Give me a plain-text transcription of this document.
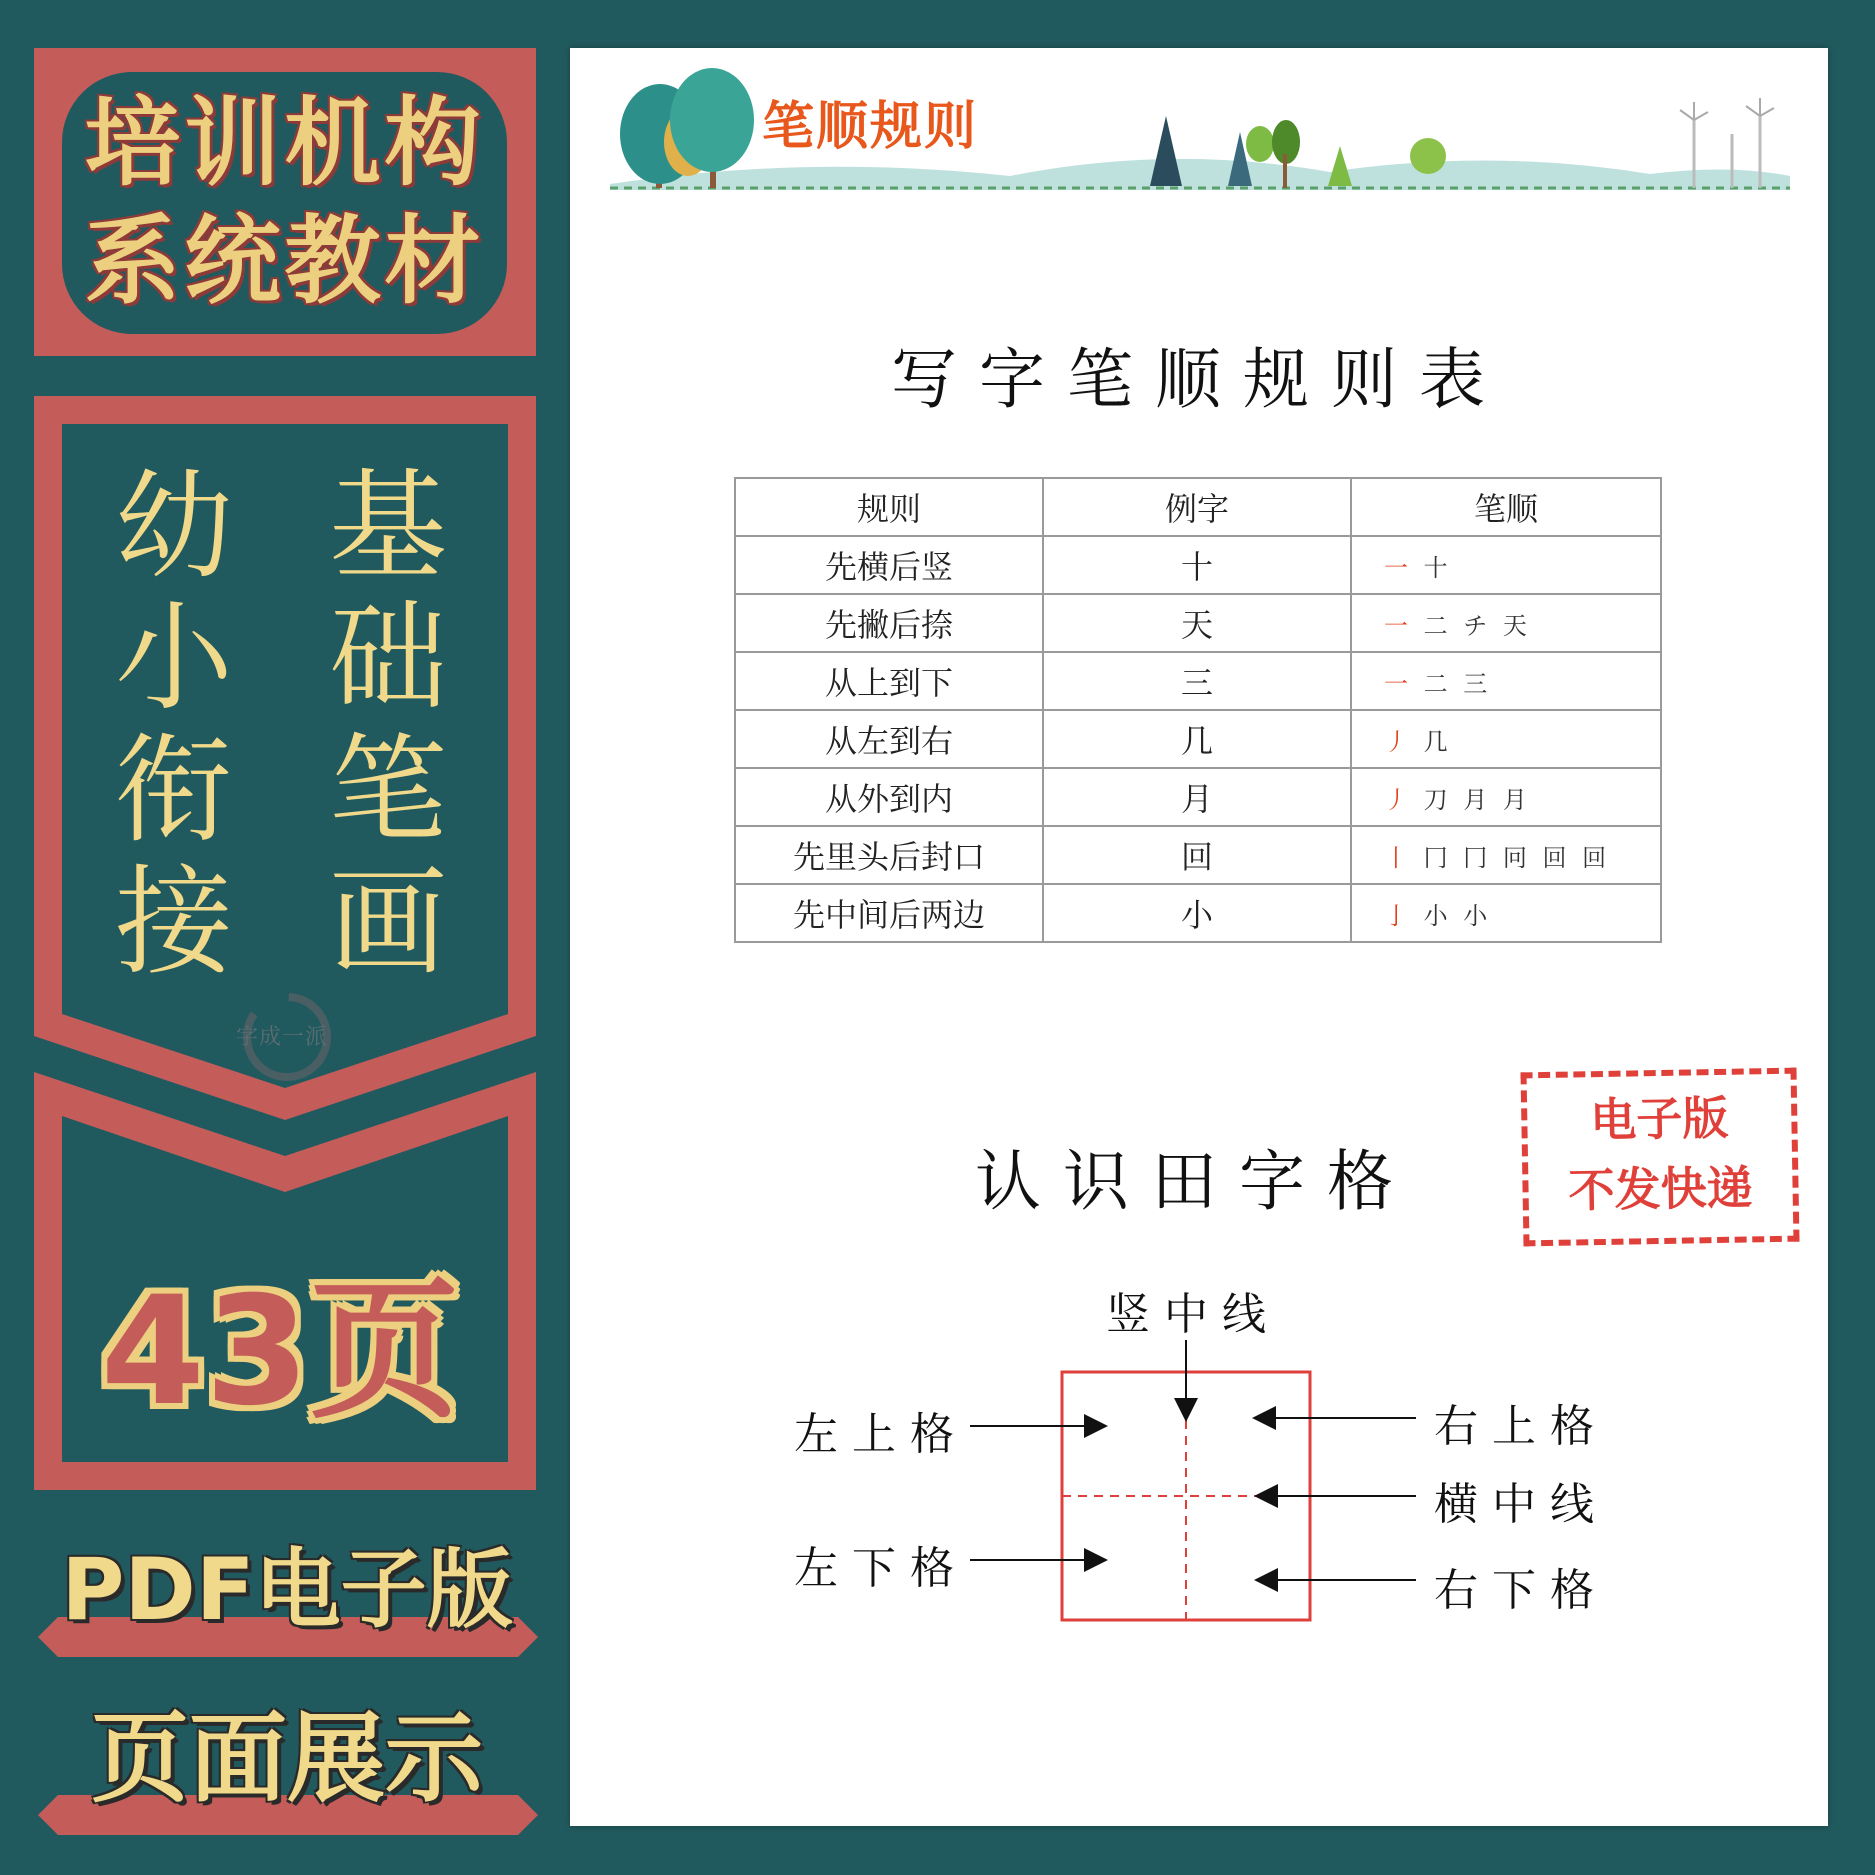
培训机构
系统教材
幼
小
衔
接
基
础
笔
画
字成一派
43页
PDF电子版
页面展示
笔顺规则
写字笔顺规则表
规则	例字	笔顺
先横后竖	十	一 十
先撇后捺	天	一 二 チ 天
从上到下	三	一 二 三
从左到右	几	丿 几
从外到内	月	丿 刀 月 月
先里头后封口	回	丨 冂 冂 冋 回 回
先中间后两边	小	亅 小 小
认识田字格
电子版
不发快递
竖中线
左上格
左下格
右上格
横中线
右下格
